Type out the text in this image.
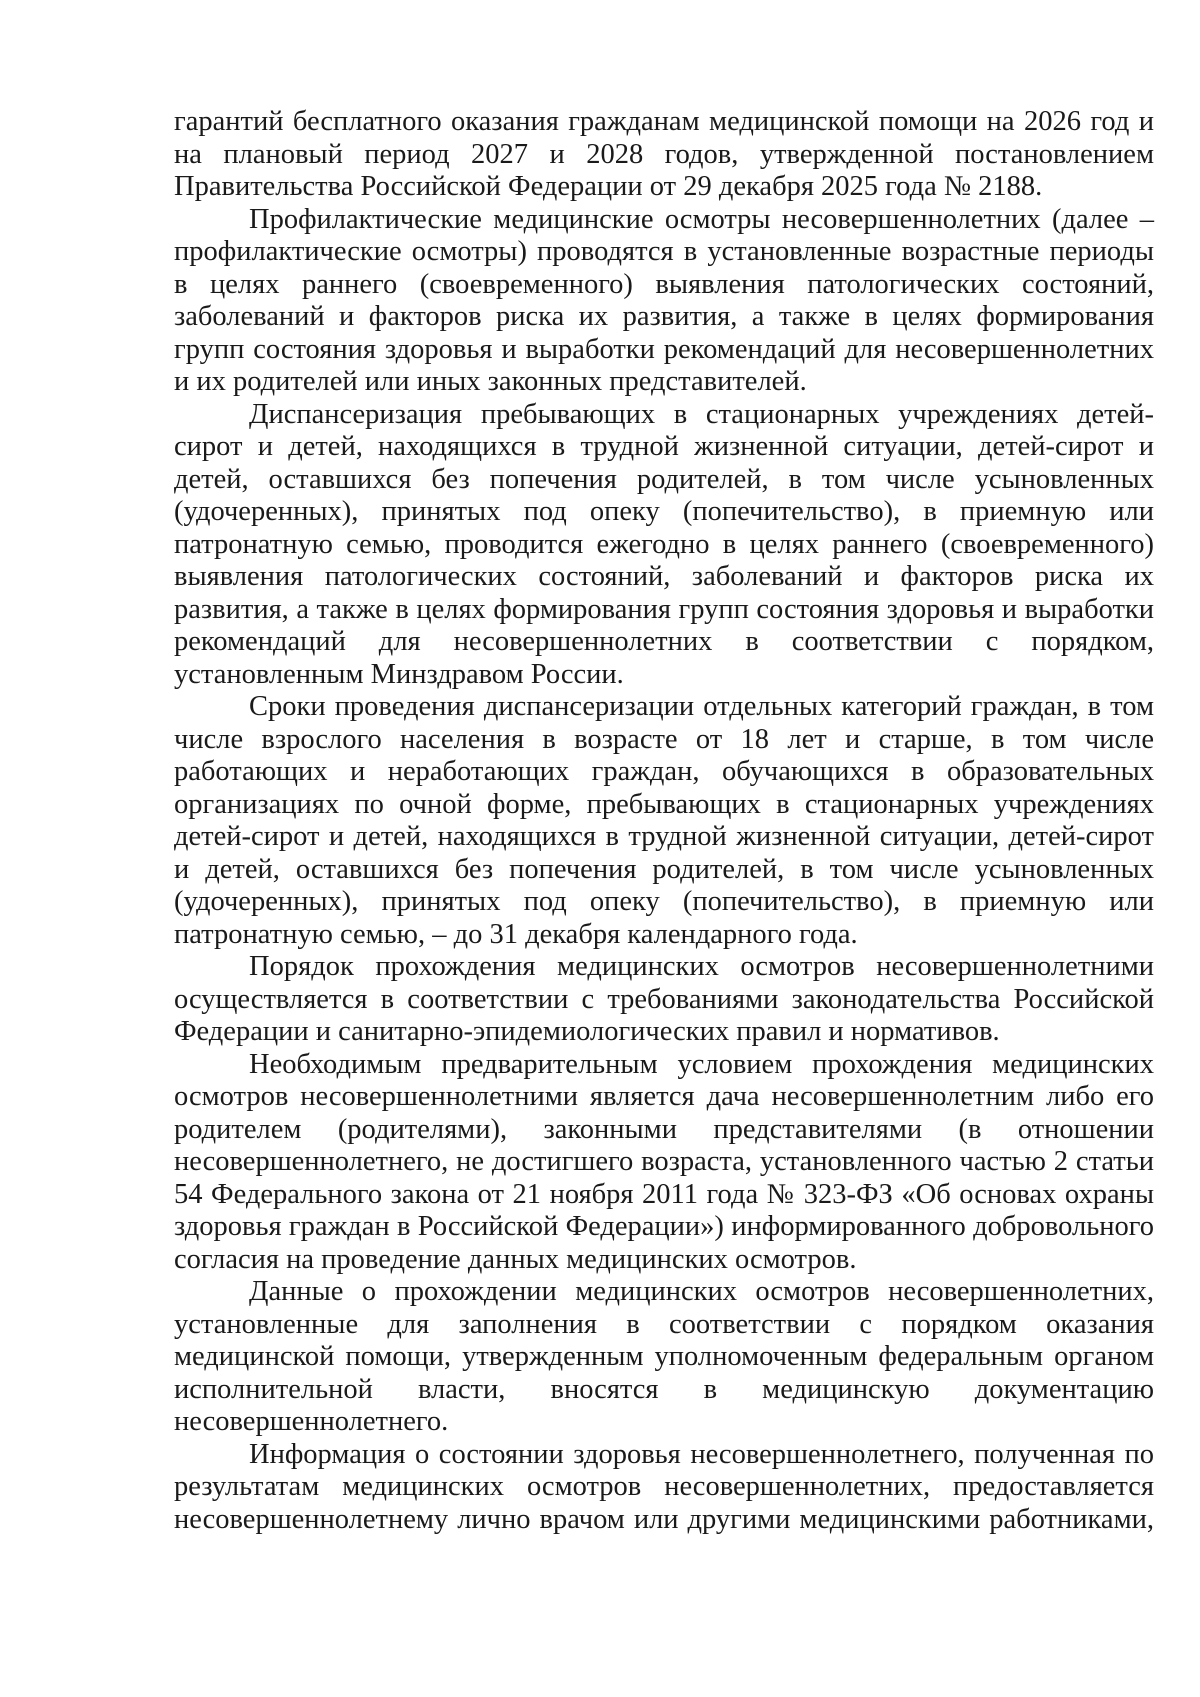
гарантий бесплатного оказания гражданам медицинской помощи на 2026 год и на плановый период 2027 и 2028 годов, утвержденной постановлением Правительства Российской Федерации от 29 декабря 2025 года № 2188.

Профилактические медицинские осмотры несовершеннолетних (далее – профилактические осмотры) проводятся в установленные возрастные периоды в целях раннего (своевременного) выявления патологических состояний, заболеваний и факторов риска их развития, а также в целях формирования групп состояния здоровья и выработки рекомендаций для несовершеннолетних и их родителей или иных законных представителей.

Диспансеризация пребывающих в стационарных учреждениях детей-сирот и детей, находящихся в трудной жизненной ситуации, детей-сирот и детей, оставшихся без попечения родителей, в том числе усыновленных (удочеренных), принятых под опеку (попечительство), в приемную или патронатную семью, проводится ежегодно в целях раннего (своевременного) выявления патологических состояний, заболеваний и факторов риска их развития, а также в целях формирования групп состояния здоровья и выработки рекомендаций для несовершеннолетних в соответствии с порядком, установленным Минздравом России.

Сроки проведения диспансеризации отдельных категорий граждан, в том числе взрослого населения в возрасте от 18 лет и старше, в том числе работающих и неработающих граждан, обучающихся в образовательных организациях по очной форме, пребывающих в стационарных учреждениях детей-сирот и детей, находящихся в трудной жизненной ситуации, детей-сирот и детей, оставшихся без попечения родителей, в том числе усыновленных (удочеренных), принятых под опеку (попечительство), в приемную или патронатную семью, – до 31 декабря календарного года.

Порядок прохождения медицинских осмотров несовершеннолетними осуществляется в соответствии с требованиями законодательства Российской Федерации и санитарно-эпидемиологических правил и нормативов.

Необходимым предварительным условием прохождения медицинских осмотров несовершеннолетними является дача несовершеннолетним либо его родителем (родителями), законными представителями (в отношении несовершеннолетнего, не достигшего возраста, установленного частью 2 статьи 54 Федерального закона от 21 ноября 2011 года № 323-ФЗ «Об основах охраны здоровья граждан в Российской Федерации») информированного добровольного согласия на проведение данных медицинских осмотров.

Данные о прохождении медицинских осмотров несовершеннолетних, установленные для заполнения в соответствии с порядком оказания медицинской помощи, утвержденным уполномоченным федеральным органом исполнительной власти, вносятся в медицинскую документацию несовершеннолетнего.

Информация о состоянии здоровья несовершеннолетнего, полученная по результатам медицинских осмотров несовершеннолетних, предоставляется несовершеннолетнему лично врачом или другими медицинскими работниками,
